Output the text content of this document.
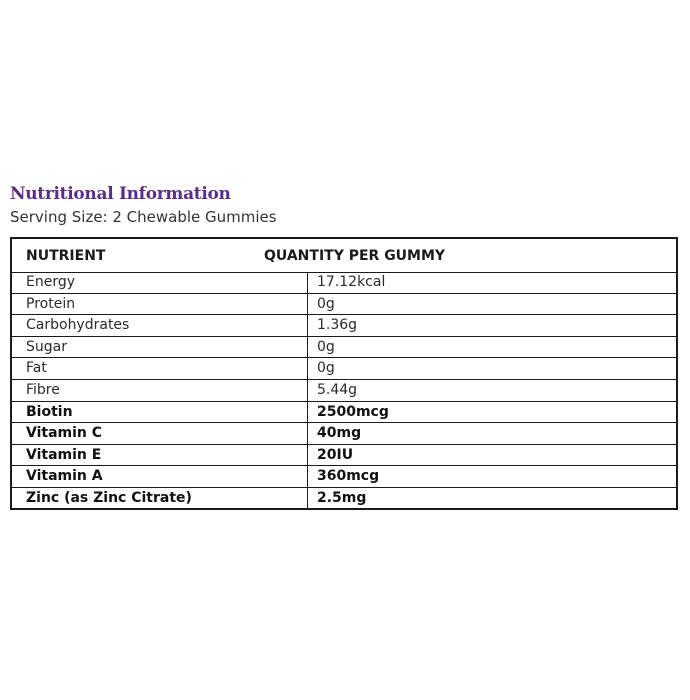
Nutritional Information
Serving Size: 2 Chewable Gummies
NUTRIENT	QUANTITY PER GUMMY
Energy	17.12kcal
Protein	0g
Carbohydrates	1.36g
Sugar	0g
Fat	0g
Fibre	5.44g
Biotin	2500mcg
Vitamin C	40mg
Vitamin E	20IU
Vitamin A	360mcg
Zinc (as Zinc Citrate)	2.5mg
